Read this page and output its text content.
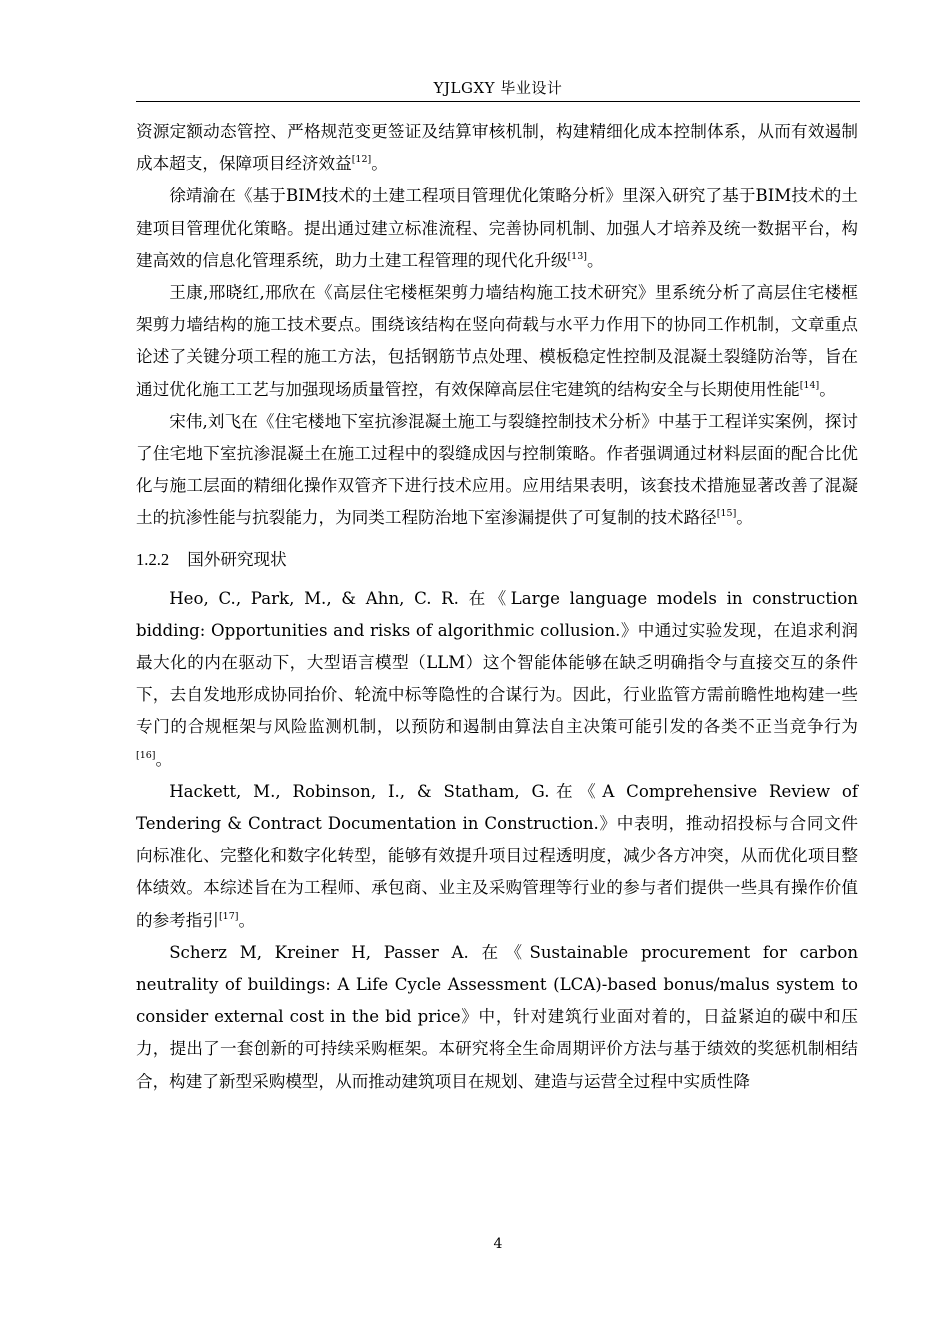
YJLGXY 毕业设计

资源定额动态管控、严格规范变更签证及结算审核机制，构建精细化成本控制体系，从而有效遏制成本超支，保障项目经济效益[12]。

徐靖渝在《基于BIM技术的土建工程项目管理优化策略分析》里深入研究了基于BIM技术的土建项目管理优化策略。提出通过建立标准流程、完善协同机制、加强人才培养及统一数据平台，构建高效的信息化管理系统，助力土建工程管理的现代化升级[13]。

王康,邢晓红,邢欣在《高层住宅楼框架剪力墙结构施工技术研究》里系统分析了高层住宅楼框架剪力墙结构的施工技术要点。围绕该结构在竖向荷载与水平力作用下的协同工作机制，文章重点论述了关键分项工程的施工方法，包括钢筋节点处理、模板稳定性控制及混凝土裂缝防治等，旨在通过优化施工工艺与加强现场质量管控，有效保障高层住宅建筑的结构安全与长期使用性能[14]。

宋伟,刘飞在《住宅楼地下室抗渗混凝土施工与裂缝控制技术分析》中基于工程详实案例，探讨了住宅地下室抗渗混凝土在施工过程中的裂缝成因与控制策略。作者强调通过材料层面的配合比优化与施工层面的精细化操作双管齐下进行技术应用。应用结果表明，该套技术措施显著改善了混凝土的抗渗性能与抗裂能力，为同类工程防治地下室渗漏提供了可复制的技术路径[15]。

1.2.2 国外研究现状

Heo, C., Park, M., & Ahn, C. R. 在《Large language models in construction bidding: Opportunities and risks of algorithmic collusion.》中通过实验发现，在追求利润最大化的内在驱动下，大型语言模型（LLM）这个智能体能够在缺乏明确指令与直接交互的条件下，去自发地形成协同抬价、轮流中标等隐性的合谋行为。因此，行业监管方需前瞻性地构建一些专门的合规框架与风险监测机制，以预防和遏制由算法自主决策可能引发的各类不正当竞争行为[16]。

Hackett, M., Robinson, I., & Statham, G.在《A Comprehensive Review of Tendering & Contract Documentation in Construction.》中表明，推动招投标与合同文件向标准化、完整化和数字化转型，能够有效提升项目过程透明度，减少各方冲突，从而优化项目整体绩效。本综述旨在为工程师、承包商、业主及采购管理等行业的参与者们提供一些具有操作价值的参考指引[17]。

Scherz M, Kreiner H, Passer A. 在《Sustainable procurement for carbon neutrality of buildings: A Life Cycle Assessment (LCA)-based bonus/malus system to consider external cost in the bid price》中，针对建筑行业面对着的，日益紧迫的碳中和压力，提出了一套创新的可持续采购框架。本研究将全生命周期评价方法与基于绩效的奖惩机制相结合，构建了新型采购模型，从而推动建筑项目在规划、建造与运营全过程中实质性降

4
